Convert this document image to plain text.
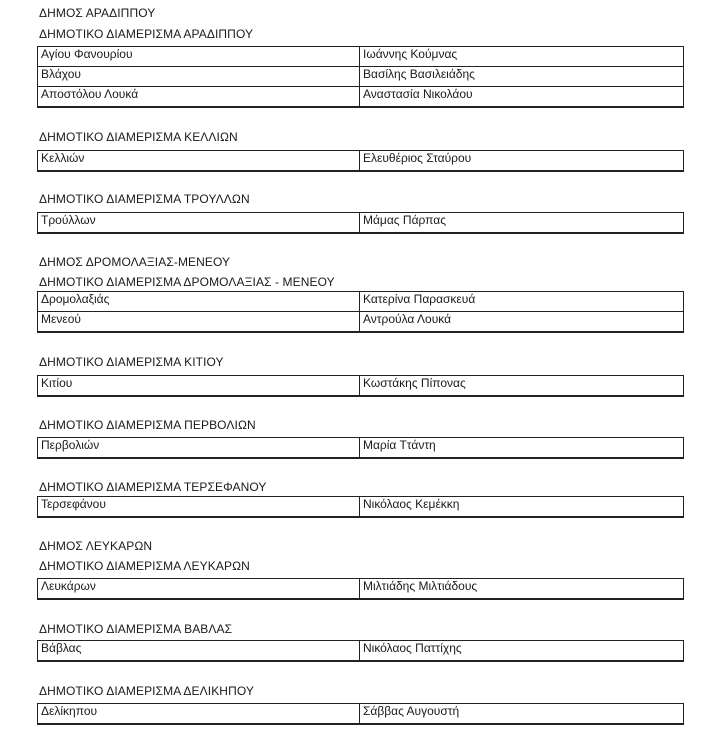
ΔΗΜΟΣ ΑΡΑΔΙΠΠΟΥ
ΔΗΜΟΤΙΚΟ ΔΙΑΜΕΡΙΣΜΑ ΑΡΑΔΙΠΠΟΥ
Αγίου Φανουρίου	Ιωάννης Κούμνας
Βλάχου	Βασίλης Βασιλειάδης
Αποστόλου Λουκά	Αναστασία Νικολάου
ΔΗΜΟΤΙΚΟ ΔΙΑΜΕΡΙΣΜΑ ΚΕΛΛΙΩΝ
Κελλιών	Ελευθέριος Σταύρου
ΔΗΜΟΤΙΚΟ ΔΙΑΜΕΡΙΣΜΑ ΤΡΟΥΛΛΩΝ
Τρούλλων	Μάμας Πάρπας
ΔΗΜΟΣ ΔΡΟΜΟΛΑΞΙΑΣ-ΜΕΝΕΟΥ
ΔΗΜΟΤΙΚΟ ΔΙΑΜΕΡΙΣΜΑ ΔΡΟΜΟΛΑΞΙΑΣ - ΜΕΝΕΟΥ
Δρομολαξιάς	Κατερίνα Παρασκευά
Μενεού	Αντρούλα Λουκά
ΔΗΜΟΤΙΚΟ ΔΙΑΜΕΡΙΣΜΑ ΚΙΤΙΟΥ
Κιτίου	Κωστάκης Πίπονας
ΔΗΜΟΤΙΚΟ ΔΙΑΜΕΡΙΣΜΑ ΠΕΡΒΟΛΙΩΝ
Περβολιών	Μαρία Ττάντη
ΔΗΜΟΤΙΚΟ ΔΙΑΜΕΡΙΣΜΑ ΤΕΡΣΕΦΑΝΟΥ
Τερσεφάνου	Νικόλαος Κεμέκκη
ΔΗΜΟΣ ΛΕΥΚΑΡΩΝ
ΔΗΜΟΤΙΚΟ ΔΙΑΜΕΡΙΣΜΑ ΛΕΥΚΑΡΩΝ
Λευκάρων	Μιλτιάδης Μιλτιάδους
ΔΗΜΟΤΙΚΟ ΔΙΑΜΕΡΙΣΜΑ ΒΑΒΛΑΣ
Βάβλας	Νικόλαος Παττίχης
ΔΗΜΟΤΙΚΟ ΔΙΑΜΕΡΙΣΜΑ ΔΕΛΙΚΗΠΟΥ
Δελίκηπου	Σάββας Αυγουστή
